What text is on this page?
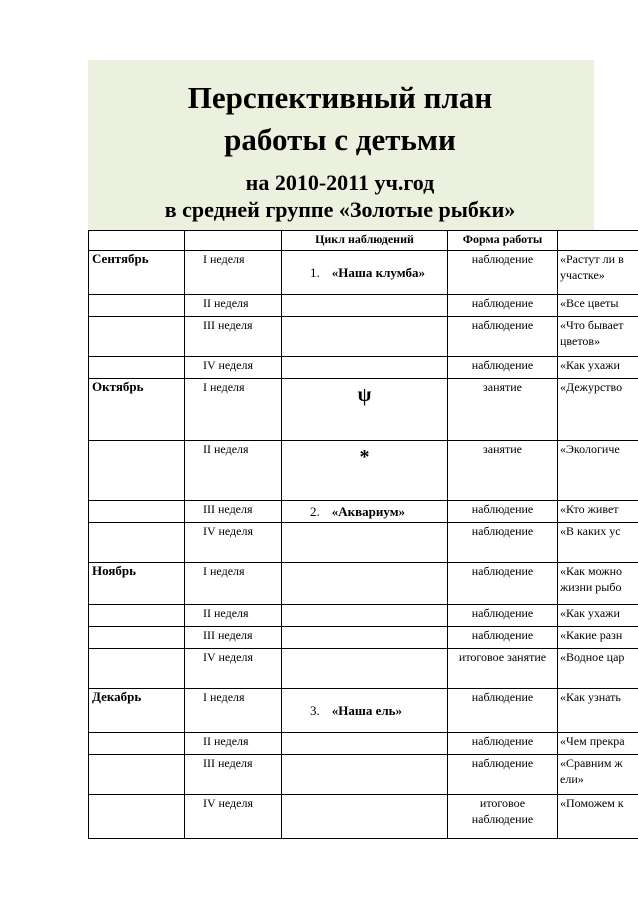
Перспективный план
работы с детьми
на 2010-2011 уч.год
в средней группе «Золотые рыбки»
		Цикл наблюдений	Форма работы	
Сентябрь	I неделя	1. «Наша клумба»	наблюдение	«Растут ли в участке»
	II неделя		наблюдение	«Все цветы
	III неделя		наблюдение	«Что бывает цветов»
	IV неделя		наблюдение	«Как ухажи
Октябрь	I неделя	ψ	занятие	«Дежурство
	II неделя	*	занятие	«Экологиче
	III неделя	2. «Аквариум»	наблюдение	«Кто живет
	IV неделя		наблюдение	«В каких ус
Ноябрь	I неделя		наблюдение	«Как можно жизни рыбо
	II неделя		наблюдение	«Как ухажи
	III неделя		наблюдение	«Какие разн
	IV неделя		итоговое занятие	«Водное цар
Декабрь	I неделя	3. «Наша ель»	наблюдение	«Как узнать
	II неделя		наблюдение	«Чем прекра
	III неделя		наблюдение	«Сравним ж ели»
	IV неделя		итоговое наблюдение	«Поможем к
